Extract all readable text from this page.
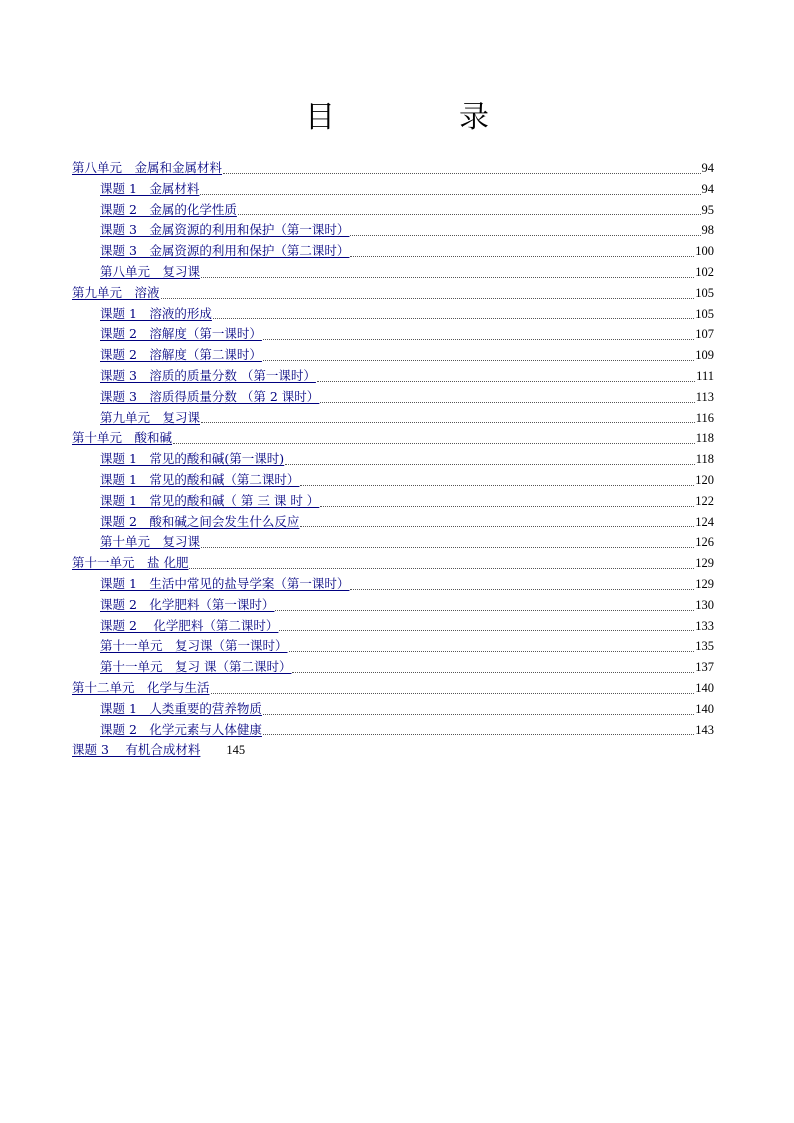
目	录
第八单元　金属和金属材料	94
课题 1　金属材料	94
课题 2　金属的化学性质	95
课题 3　金属资源的利用和保护（第一课时）	98
课题 3　金属资源的利用和保护（第二课时）	100
第八单元　复习课	102
第九单元　溶液	105
课题 1　溶液的形成	105
课题 2　溶解度（第一课时）	107
课题 2　溶解度（第二课时）	109
课题 3　溶质的质量分数 （第一课时）	111
课题 3　溶质得质量分数 （第 2 课时）	113
第九单元　复习课	116
第十单元　酸和碱	118
课题 1　常见的酸和碱(第一课时)	118
课题 1　常见的酸和碱（第二课时）	120
课题 1　常见的酸和碱（ 第 三 课 时 ）	122
课题 2　酸和碱之间会发生什么反应	124
第十单元　复习课	126
第十一单元　盐 化肥	129
课题 1　生活中常见的盐导学案（第一课时）	129
课题 2　化学肥料（第一课时）	130
课题 2　 化学肥料（第二课时）	133
第十一单元　复习课（第一课时）	135
第十一单元　复习 课（第二课时）	137
第十二单元　化学与生活	140
课题 1　人类重要的营养物质	140
课题 2　化学元素与人体健康	143
课题 3　 有机合成材料 145
